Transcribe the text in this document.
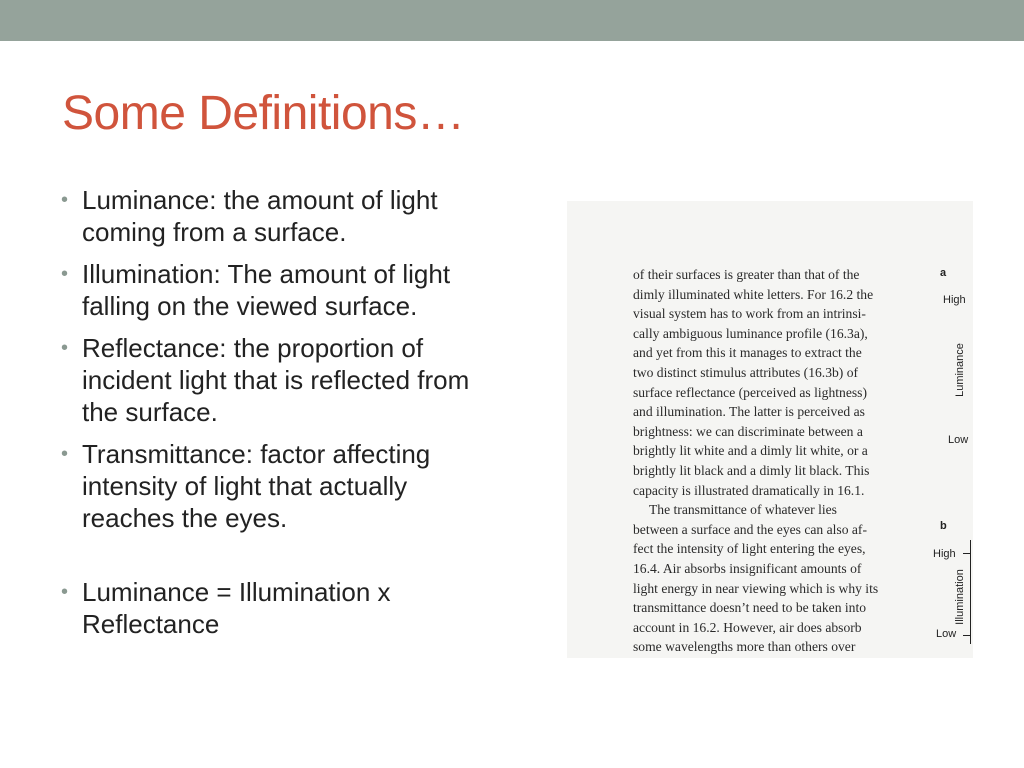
Some Definitions…
• Luminance: the amount of light
coming from a surface.
• Illumination: The amount of light
falling on the viewed surface.
• Reflectance: the proportion of
incident light that is reflected from
the surface.
• Transmittance: factor affecting
intensity of light that actually
reaches the eyes.
• Luminance = Illumination x
Reflectance
of their surfaces is greater than that of the
dimly illuminated white letters. For 16.2 the
visual system has to work from an intrinsi-
cally ambiguous luminance profile (16.3a),
and yet from this it manages to extract the
two distinct stimulus attributes (16.3b) of
surface reflectance (perceived as lightness)
and illumination. The latter is perceived as
brightness: we can discriminate between a
brightly lit white and a dimly lit white, or a
brightly lit black and a dimly lit black. This
capacity is illustrated dramatically in 16.1.
The transmittance of whatever lies
between a surface and the eyes can also af-
fect the intensity of light entering the eyes,
16.4. Air absorbs insignificant amounts of
light energy in near viewing which is why its
transmittance doesn’t need to be taken into
account in 16.2. However, air does absorb
some wavelengths more than others over
a
High
Luminance
Low
b
High
Illumination
Low
